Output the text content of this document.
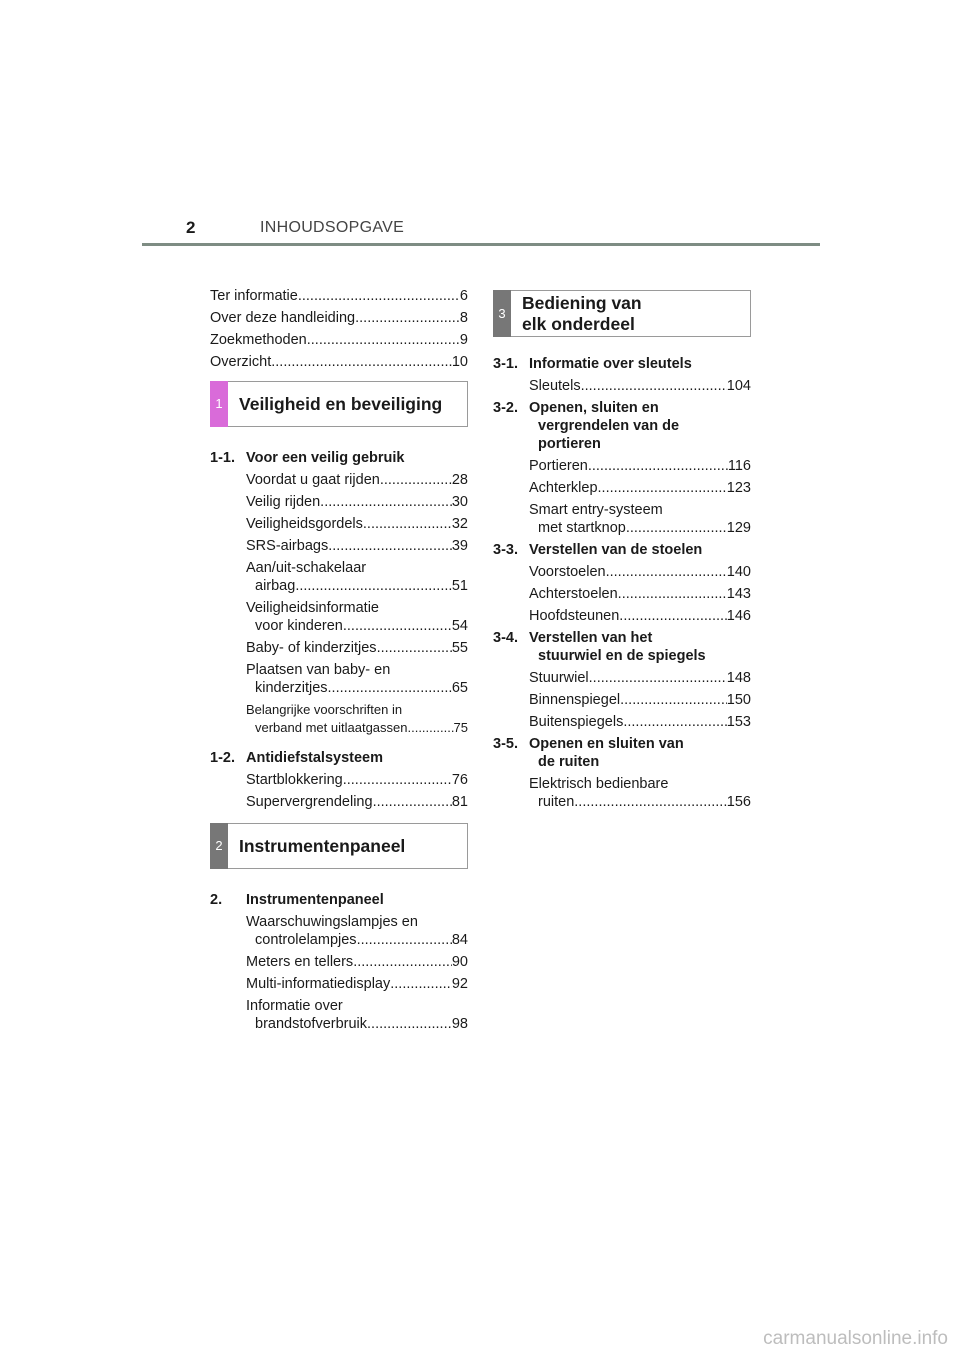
2	INHOUDSOPGAVE
Ter informatie .....	6
Over deze handleiding .....	8
Zoekmethoden .....	9
Overzicht .....	10
1 Veiligheid en beveiliging
1-1. Voor een veilig gebruik
Voordat u gaat rijden .....	28
Veilig rijden .....	30
Veiligheidsgordels .....	32
SRS-airbags .....	39
Aan/uit-schakelaar
airbag .....	51
Veiligheidsinformatie
voor kinderen .....	54
Baby- of kinderzitjes .....	55
Plaatsen van baby- en
kinderzitjes .....	65
Belangrijke voorschriften in
verband met uitlaatgassen .....	75
1-2. Antidiefstalsysteem
Startblokkering .....	76
Supervergrendeling .....	81
2 Instrumentenpaneel
2.	Instrumentenpaneel
Waarschuwingslampjes en
controlelampjes .....	84
Meters en tellers .....	90
Multi-informatiedisplay .....	92
Informatie over
brandstofverbruik .....	98
3
Bediening van
elk onderdeel
3-1. Informatie over sleutels
Sleutels .....	104
3-2. Openen, sluiten en
vergrendelen van de
portieren
Portieren .....	116
Achterklep .....	123
Smart entry-systeem
met startknop .....	129
3-3. Verstellen van de stoelen
Voorstoelen .....	140
Achterstoelen .....	143
Hoofdsteunen .....	146
3-4. Verstellen van het
stuurwiel en de spiegels
Stuurwiel .....	148
Binnenspiegel .....	150
Buitenspiegels .....	153
3-5. Openen en sluiten van
de ruiten
Elektrisch bedienbare
ruiten .....	156
carmanualsonline.info
